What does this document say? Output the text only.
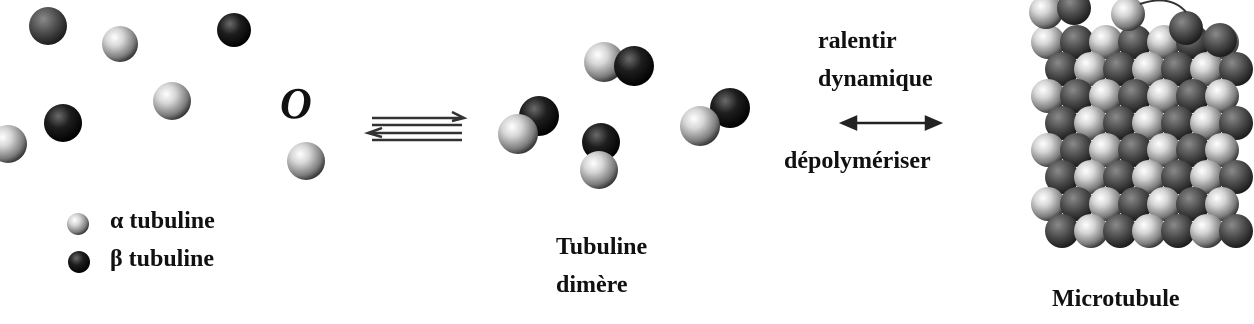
O
α tubuline
β tubuline	Tubuline
dimère
ralentir
dynamique
dépolymériser
Microtubule
